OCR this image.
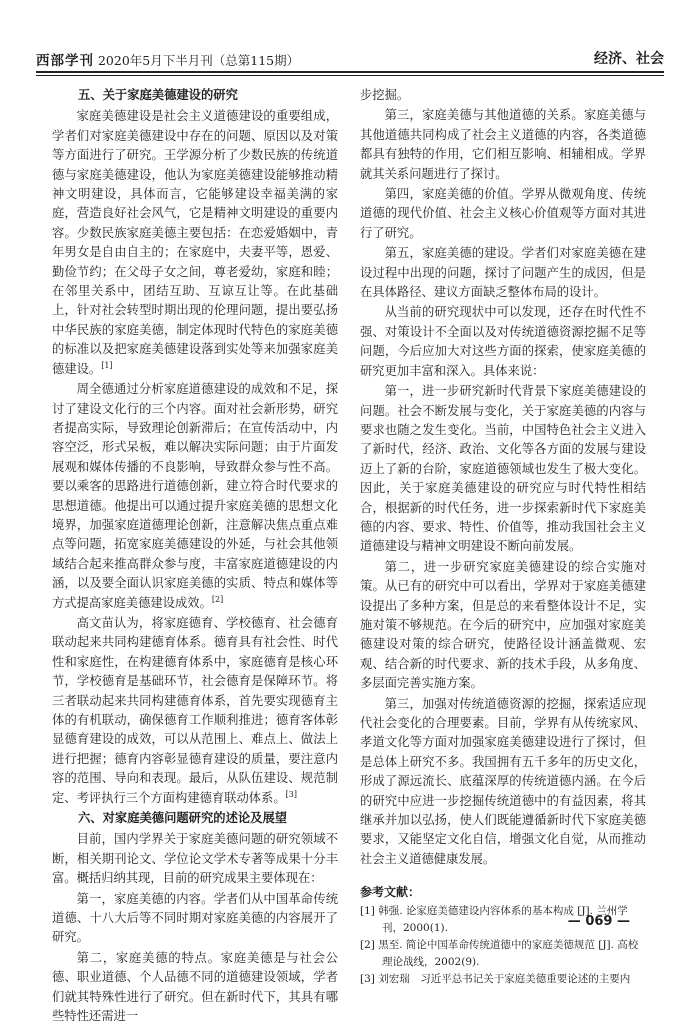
西部学刊 2020年5月下半月刊（总第115期）	经济、社会
五、关于家庭美德建设的研究

家庭美德建设是社会主义道德建设的重要组成，学者们对家庭美德建设中存在的问题、原因以及对策等方面进行了研究。王学源分析了少数民族的传统道德与家庭美德建设，他认为家庭美德建设能够推动精神文明建设，具体而言，它能够建设幸福美满的家庭，营造良好社会风气，它是精神文明建设的重要内容。少数民族家庭美德主要包括：在恋爱婚姻中，青年男女是自由自主的；在家庭中，夫妻平等，恩爱、勤俭节约；在父母子女之间，尊老爱幼，家庭和睦；在邻里关系中，团结互助、互谅互让等。在此基础上，针对社会转型时期出现的伦理问题，提出要弘扬中华民族的家庭美德，制定体现时代特色的家庭美德的标准以及把家庭美德建设落到实处等来加强家庭美德建设。[1]

周全德通过分析家庭道德建设的成效和不足，探讨了建设文化行的三个内容。面对社会新形势，研究者提高实际，导致理论创新滞后；在宣传活动中，内容空泛，形式呆板，难以解决实际问题；由于片面发展观和媒体传播的不良影响，导致群众参与性不高。要以乘客的思路进行道德创新，建立符合时代要求的思想道德。他提出可以通过提升家庭美德的思想文化境界，加强家庭道德理论创新，注意解决焦点重点难点等问题，拓宽家庭美德建设的外延，与社会其他领域结合起来推高群众参与度，丰富家庭道德建设的内涵，以及要全面认识家庭美德的实质、特点和媒体等方式提高家庭美德建设成效。[2]

高文苗认为，将家庭德育、学校德育、社会德育联动起来共同构建德育体系。德育具有社会性、时代性和家庭性，在构建德育体系中，家庭德育是核心环节，学校德育是基础环节，社会德育是保障环节。将三者联动起来共同构建德育体系，首先要实现德育主体的有机联动，确保德育工作顺利推进；德育客体彰显德育建设的成效，可以从范围上、难点上、做法上进行把握；德育内容彰显德育建设的质量，要注意内容的范围、导向和表现。最后，从队伍建设、规范制定、考评执行三个方面构建德育联动体系。[3]

六、对家庭美德问题研究的述论及展望

目前，国内学界关于家庭美德问题的研究领域不断，相关期刊论文、学位论文学术专著等成果十分丰富。概括归纳其现，目前的研究成果主要体现在：

第一，家庭美德的内容。学者们从中国革命传统道德、十八大后等不同时期对家庭美德的内容展开了研究。

第二，家庭美德的特点。家庭美德是与社会公德、职业道德、个人品德不同的道德建设领域，学者们就其特殊性进行了研究。但在新时代下，其具有哪些特性还需进一

步挖掘。

第三，家庭美德与其他道德的关系。家庭美德与其他道德共同构成了社会主义道德的内容，各类道德都具有独特的作用，它们相互影响、相辅相成。学界就其关系问题进行了探讨。

第四，家庭美德的价值。学界从微观角度、传统道德的现代价值、社会主义核心价值观等方面对其进行了研究。

第五，家庭美德的建设。学者们对家庭美德在建设过程中出现的问题，探讨了问题产生的成因，但是在具体路径、建议方面缺乏整体布局的设计。

从当前的研究现状中可以发现，还存在时代性不强、对策设计不全面以及对传统道德资源挖掘不足等问题，今后应加大对这些方面的探索，使家庭美德的研究更加丰富和深入。具体来说：

第一，进一步研究新时代背景下家庭美德建设的问题。社会不断发展与变化，关于家庭美德的内容与要求也随之发生变化。当前，中国特色社会主义进入了新时代，经济、政治、文化等各方面的发展与建设迈上了新的台阶，家庭道德领域也发生了极大变化。因此，关于家庭美德建设的研究应与时代特性相结合，根据新的时代任务，进一步探索新时代下家庭美德的内容、要求、特性、价值等，推动我国社会主义道德建设与精神文明建设不断向前发展。

第二，进一步研究家庭美德建设的综合实施对策。从已有的研究中可以看出，学界对于家庭美德建设提出了多种方案，但是总的来看整体设计不足，实施对策不够规范。在今后的研究中，应加强对家庭美德建设对策的综合研究，使路径设计涵盖微观、宏观、结合新的时代要求、新的技术手段，从多角度、多层面完善实施方案。

第三，加强对传统道德资源的挖掘，探索适应现代社会变化的合理要素。目前，学界有从传统家风、孝道文化等方面对加强家庭美德建设进行了探讨，但是总体上研究不多。我国拥有五千多年的历史文化，形成了源远流长、底蕴深厚的传统道德内涵。在今后的研究中应进一步挖掘传统道德中的有益因素，将其继承并加以弘扬，使人们既能遵循新时代下家庭美德要求，又能坚定文化自信，增强文化自觉，从而推动社会主义道德健康发展。

参考文献：
[1] 韩强. 论家庭美德建设内容体系的基本构成 [J]. 兰州学刊，2000(1).
[2] 黑至. 简论中国革命传统道德中的家庭美德规范 [J]. 高校理论战线，2002(9).
[3] 刘宏瑞　习近平总书记关于家庭美德重要论述的主要内
— 069 —
